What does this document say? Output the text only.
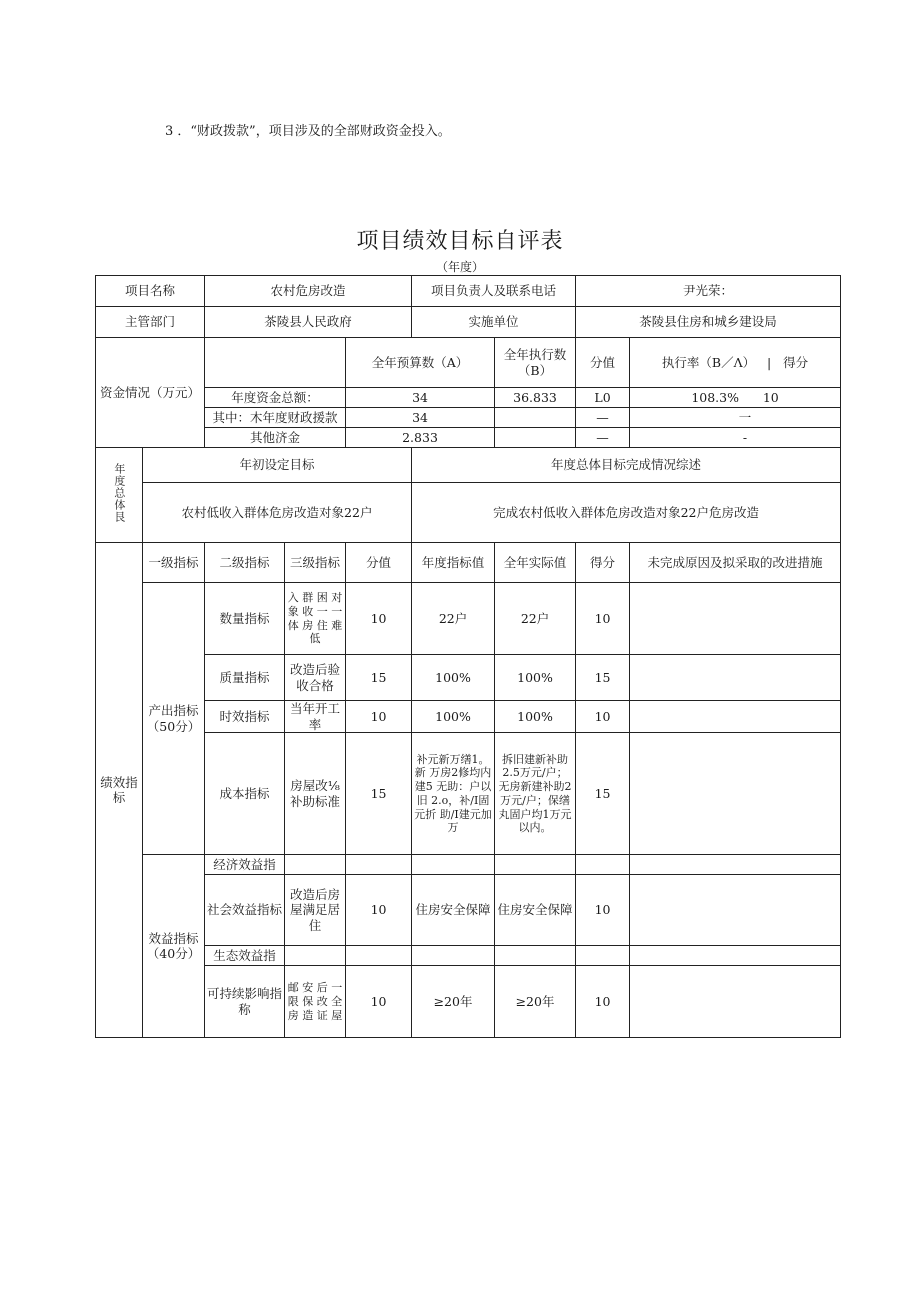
3 ．“财政拨款”，项目涉及的全部财政资金投入。
项目绩效目标自评表
（年度）
项目名称		农村危房改造			项目负责人及联系电话		尹光荣：	
主管部门		茶陵县人民政府			实施单位		茶陵县住房和城乡建设局	
资金情况（万元）				全年预算数（A）		全年执行数（B）	分值	执行率（B／Λ）   |   得分
		年度资金总额：		34		36.833	L0	108.3% 10
		其中：木年度财政援款		34			—	一
		其他济金		2.833			—	-
年度总体艮	年初设定目标				年度总体目标完成情况综述			
	农村低收入群体危房改造对象22户				完成农村低收入群体危房改造对象22户危房改造			
绩效指标	一级指标	二级指标	三级指标	分值	年度指标值	全年实际值	得分	未完成原因及拟采取的改进措施
	产出指标（50分）	数量指标	入 群 困 对 象 收 一 一 体 房 住 难 低	10	22户	22户	10	
		质量指标	改造后验收合格	15	100%	100%	15	
		时效指标	当年开工率	10	100%	100%	10	
		成本指标	房屋改⅛补助标准	15	补元新万缮1。新 万房2修均内建5 无助：户以旧 2.o，补/I固元折 助/I建元加万	拆旧建新补助2.5万元/户；无房新建补助2万元/户；保缮丸固户均1万元以内。	15	
	效益指标（40分）	经济效益指						
		社会效益指标	改造后房屋满足居住	10	住房安全保障	住房安全保障	10	
		生态效益指						
		可持续影响指称	邮 安 后 一 限 保 改 全 房 造 证 屋	10	≥20年	≥20年	10	
